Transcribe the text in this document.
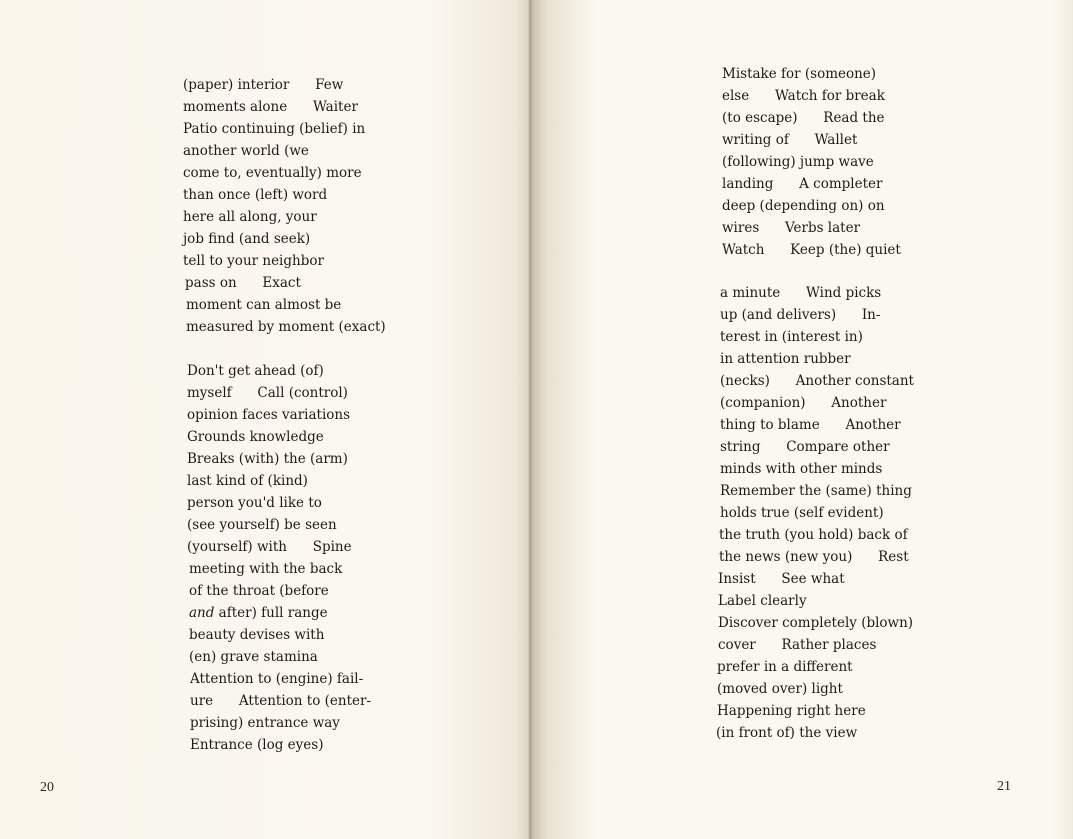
(paper) interior      Few
moments alone      Waiter
Patio continuing (belief) in
another world (we
come to, eventually) more
than once (left) word
here all along, your
job find (and seek)
tell to your neighbor
pass on      Exact
moment can almost be
measured by moment (exact)
Don't get ahead (of)
myself      Call (control)
opinion faces variations
Grounds knowledge
Breaks (with) the (arm)
last kind of (kind)
person you'd like to
(see yourself) be seen
(yourself) with      Spine
meeting with the back
of the throat (before
and after) full range
beauty devises with
(en) grave stamina
Attention to (engine) fail-
ure      Attention to (enter-
prising) entrance way
Entrance (log eyes)
20
Mistake for (someone)
else      Watch for break
(to escape)      Read the
writing of      Wallet
(following) jump wave
landing      A completer
deep (depending on) on
wires      Verbs later
Watch      Keep (the) quiet
a minute      Wind picks
up (and delivers)      In-
terest in (interest in)
in attention rubber
(necks)      Another constant
(companion)      Another
thing to blame      Another
string      Compare other
minds with other minds
Remember the (same) thing
holds true (self evident)
the truth (you hold) back of
the news (new you)      Rest
Insist      See what
Label clearly
Discover completely (blown)
cover      Rather places
prefer in a different
(moved over) light
Happening right here
(in front of) the view
21
